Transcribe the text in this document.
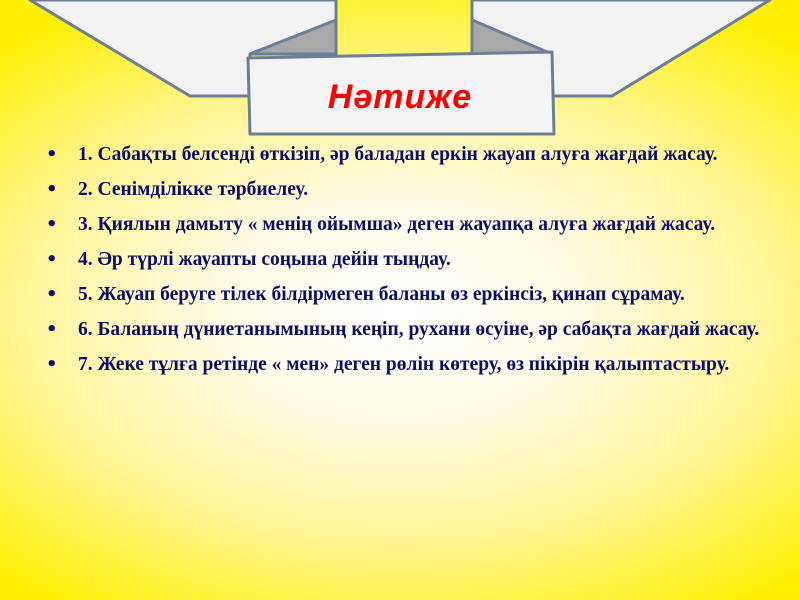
Нәтиже
• 1. Сабақты белсенді өткізіп, әр баладан еркін жауап алуға жағдай жасау.
• 2. Сенімділікке тәрбиелеу.
• 3. Қиялын дамыту « менің ойымша» деген жауапқа алуға жағдай жасау.
• 4. Әр түрлі жауапты соңына дейін тыңдау.
• 5. Жауап беруге тілек білдірмеген баланы өз еркінсіз, қинап сұрамау.
• 6. Баланың дүниетанымының кеңіп, рухани өсуіне, әр сабақта жағдай жасау.
• 7. Жеке тұлға ретінде « мен» деген рөлін көтеру, өз пікірін қалыптастыру.
